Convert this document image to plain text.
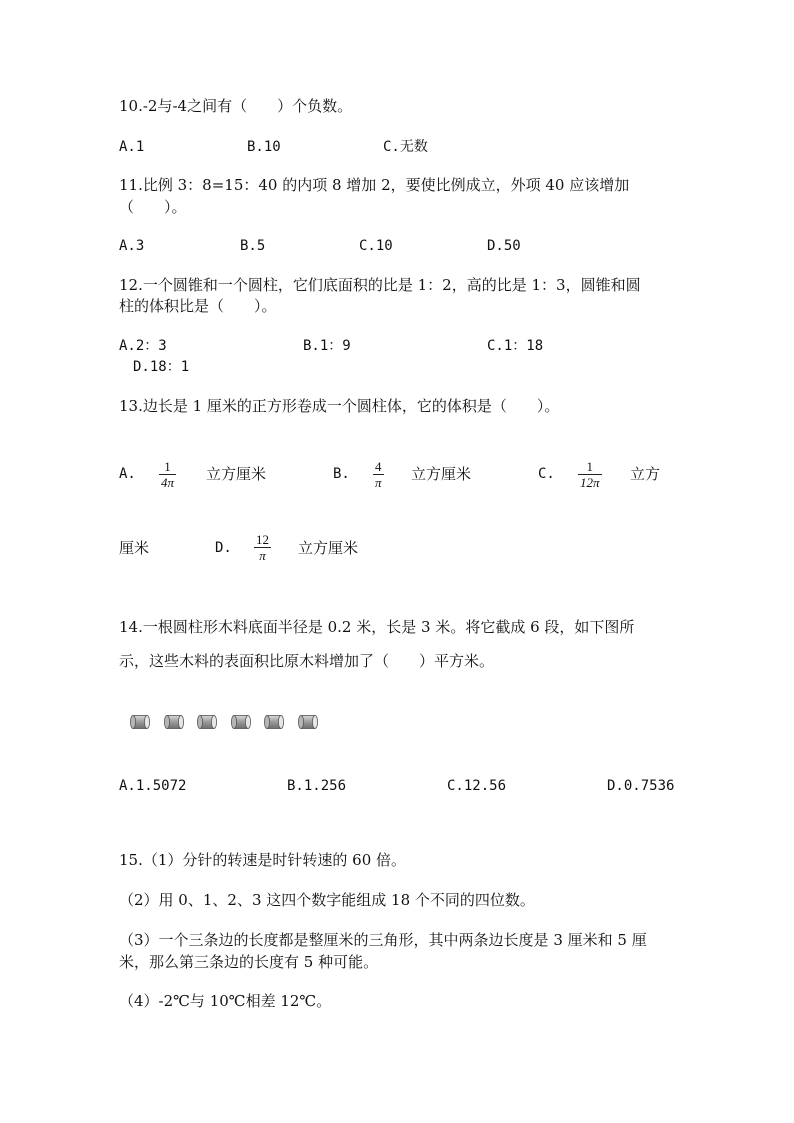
10.-2与-4之间有（　　）个负数。
A.1	B.10	C.无数
11.比例 3：8=15：40 的内项 8 增加 2，要使比例成立，外项 40 应该增加
（　　）。
A.3	B.5	C.10	D.50
12.一个圆锥和一个圆柱，它们底面积的比是 1：2，高的比是 1：3，圆锥和圆
柱的体积比是（　　）。
A.2：3	B.1：9	C.1：18
D.18：1
13.边长是 1 厘米的正方形卷成一个圆柱体，它的体积是（　　）。
A.	1
4π 立方厘米	B. 4
π 立方厘米	C.	1
12π 立方
厘米	D.
12
π	立方厘米
14.一根圆柱形木料底面半径是 0.2 米，长是 3 米。将它截成 6 段，如下图所
示，这些木料的表面积比原木料增加了（　　）平方米。
A.1.5072	B.1.256	C.12.56	D.0.7536
15.（1）分针的转速是时针转速的 60 倍。
（2）用 0、1、2、3 这四个数字能组成 18 个不同的四位数。
（3）一个三条边的长度都是整厘米的三角形，其中两条边长度是 3 厘米和 5 厘
米，那么第三条边的长度有 5 种可能。
（4）-2℃与 10℃相差 12℃。
